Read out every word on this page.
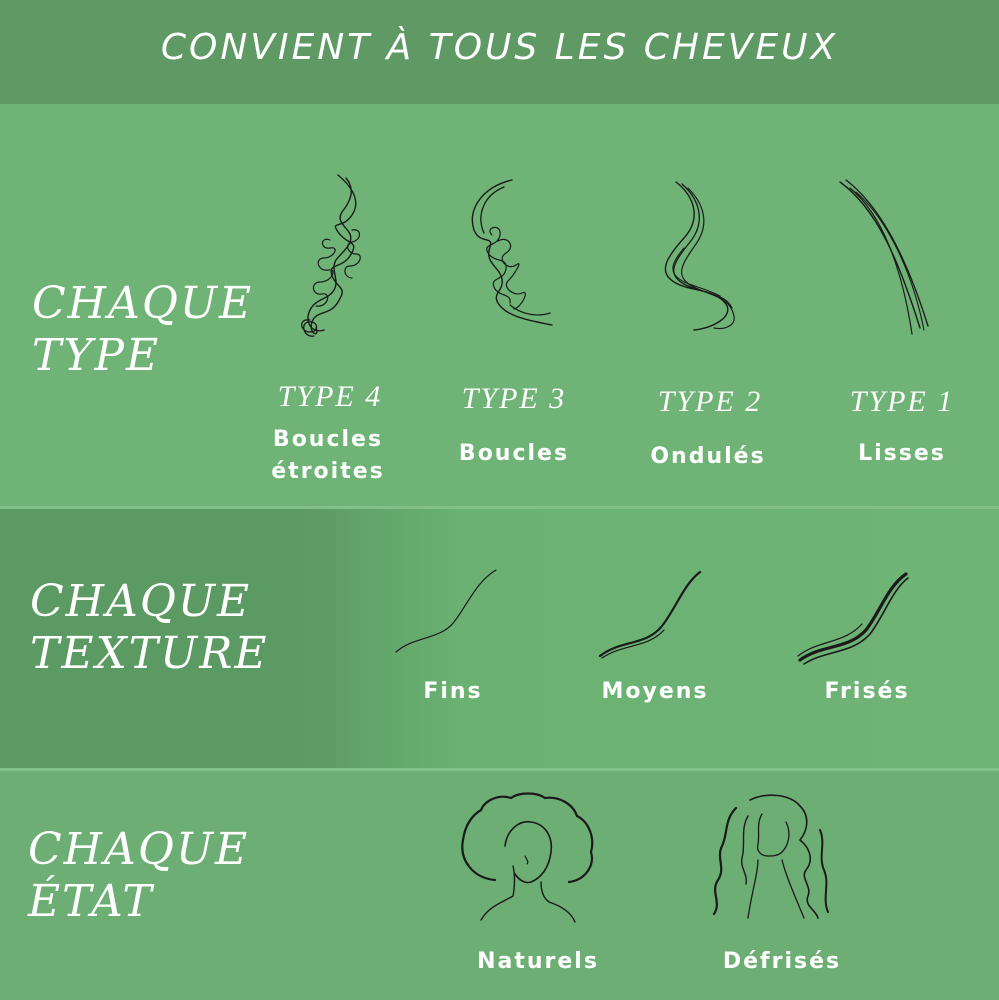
CONVIENT À TOUS LES CHEVEUX
CHAQUE
TYPE
TYPE 4	TYPE 3	TYPE 2	TYPE 1
Boucles
étroites
Boucles	Ondulés	Lisses
CHAQUE
TEXTURE
Fins	Moyens	Frisés
CHAQUE
ÉTAT
Naturels	Défrisés
